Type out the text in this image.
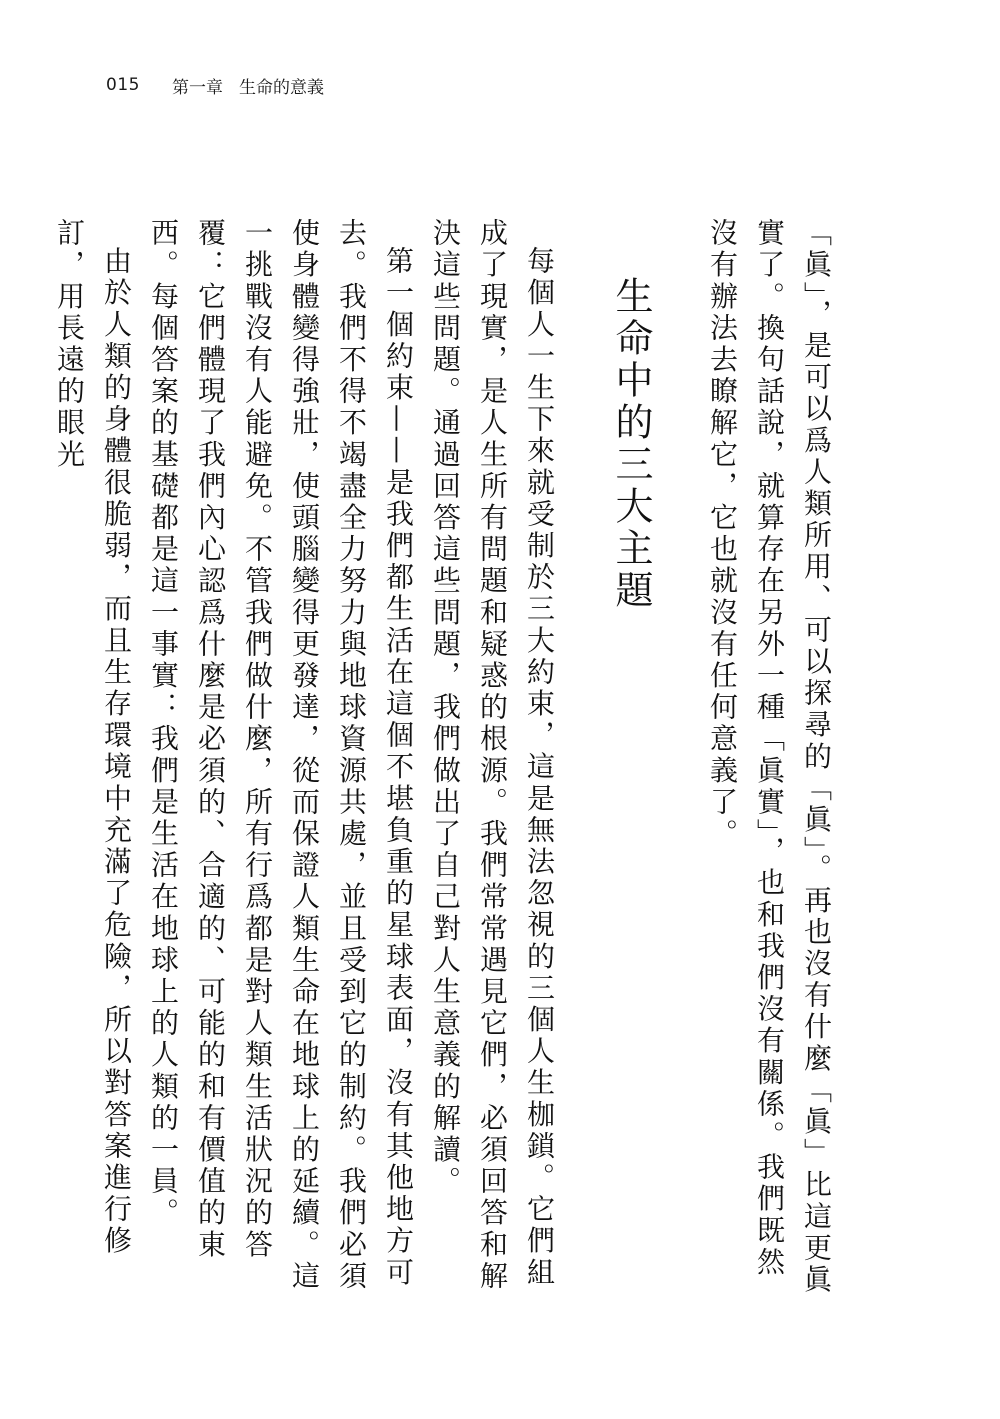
015 第一章 生命的意義

「眞」，是可以爲人類所用、可以探尋的「眞」。再也沒有什麼「眞」比這更眞實了。換句話說，就算存在另外一種「眞實」，也和我們沒有關係。我們既然沒有辦法去瞭解它，它也就沒有任何意義了。

生命中的三大主題

每個人一生下來就受制於三大約束，這是無法忽視的三個人生枷鎖。它們組成了現實，是人生所有問題和疑惑的根源。我們常常遇見它們，必須回答和解決這些問題。通過回答這些問題，我們做出了自己對人生意義的解讀。

第一個約束——是我們都生活在這個不堪負重的星球表面，沒有其他地方可去。我們不得不竭盡全力努力與地球資源共處，並且受到它的制約。我們必須使身體變得強壯，使頭腦變得更發達，從而保證人類生命在地球上的延續。這一挑戰沒有人能避免。不管我們做什麼，所有行爲都是對人類生活狀況的答覆：它們體現了我們內心認爲什麼是必須的、合適的、可能的和有價值的東西。每個答案的基礎都是這一事實：我們是生活在地球上的人類的一員。

由於人類的身體很脆弱，而且生存環境中充滿了危險，所以對答案進行修訂，用長遠的眼光
